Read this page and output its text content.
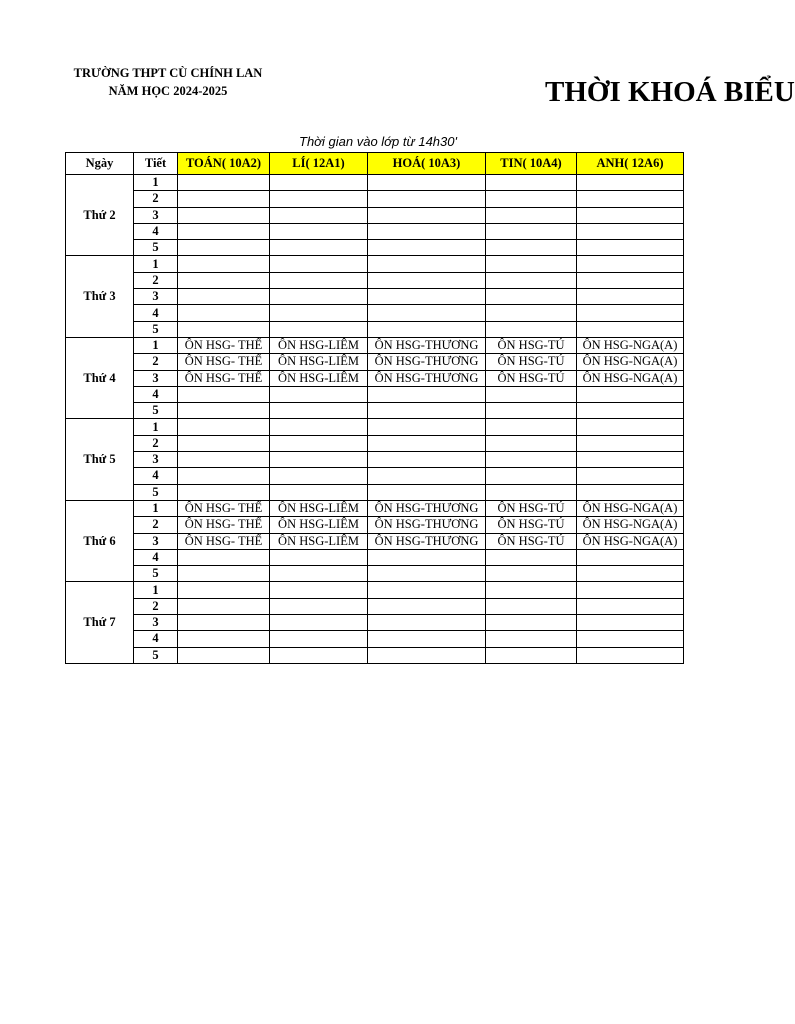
TRƯỜNG THPT CÙ CHÍNH LAN
NĂM HỌC 2024-2025	THỜI KHOÁ BIỂU
Thời gian vào lớp từ 14h30'
Ngày	Tiết	TOÁN( 10A2)	LÍ( 12A1)	HOÁ( 10A3)	TIN( 10A4)	ANH( 12A6)
Thứ 2	1					
	2					
	3					
	4					
	5					
Thứ 3	1					
	2					
	3					
	4					
	5					
Thứ 4	1	ÔN HSG- THỂ	ÔN HSG-LIÊM	ÔN HSG-THƯƠNG	ÔN HSG-TÚ	ÔN HSG-NGA(A)
	2	ÔN HSG- THỂ	ÔN HSG-LIÊM	ÔN HSG-THƯƠNG	ÔN HSG-TÚ	ÔN HSG-NGA(A)
	3	ÔN HSG- THỂ	ÔN HSG-LIÊM	ÔN HSG-THƯƠNG	ÔN HSG-TÚ	ÔN HSG-NGA(A)
	4					
	5					
Thứ 5	1					
	2					
	3					
	4					
	5					
Thứ 6	1	ÔN HSG- THỂ	ÔN HSG-LIÊM	ÔN HSG-THƯƠNG	ÔN HSG-TÚ	ÔN HSG-NGA(A)
	2	ÔN HSG- THỂ	ÔN HSG-LIÊM	ÔN HSG-THƯƠNG	ÔN HSG-TÚ	ÔN HSG-NGA(A)
	3	ÔN HSG- THỂ	ÔN HSG-LIÊM	ÔN HSG-THƯƠNG	ÔN HSG-TÚ	ÔN HSG-NGA(A)
	4					
	5					
Thứ 7	1					
	2					
	3					
	4					
	5					
